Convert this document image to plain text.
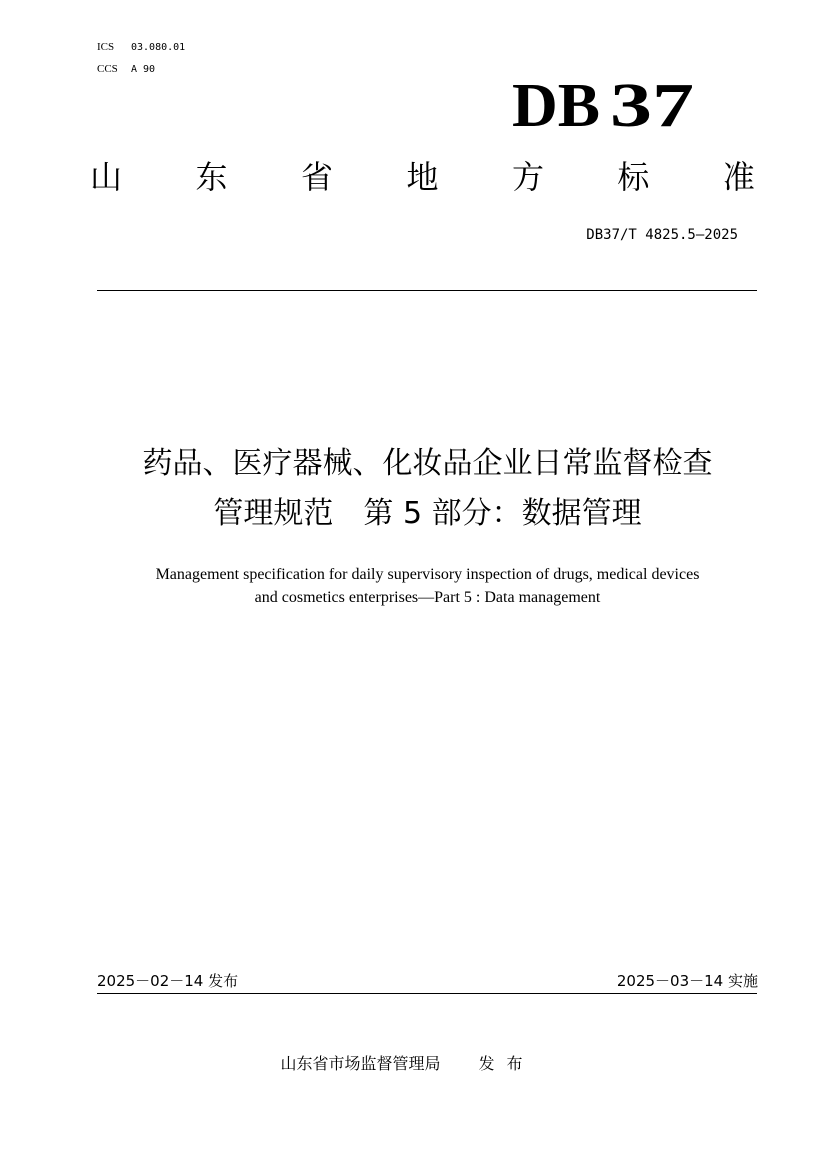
ICS 03.080.01
CCS A 90
DB 37
山 东 省 地 方 标 准
DB37/T 4825.5—2025
药品、医疗器械、化妆品企业日常监督检查
管理规范　第 5 部分：数据管理
Management specification for daily supervisory inspection of drugs, medical devices
and cosmetics enterprises—Part 5 : Data management
2025－02－14 发布	2025－03－14 实施
山东省市场监督管理局 发布
